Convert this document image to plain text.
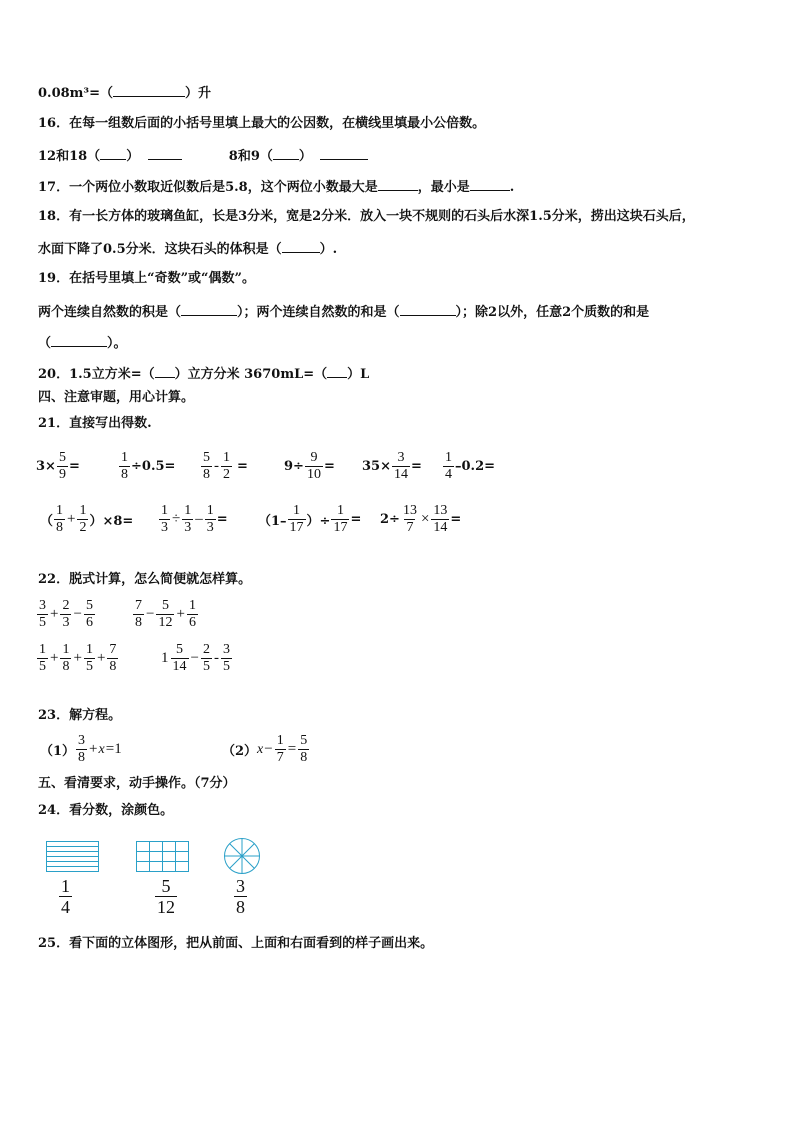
0.08m³=（	）升
16．在每一组数后面的小括号里填上最大的公因数，在横线里填最小公倍数。
12和18（ ）	8和9（ ）
17．一个两位小数取近似数后是5.8，这个两位小数最大是	，最小是	.
18．有一长方体的玻璃鱼缸，长是3分米，宽是2分米．放入一块不规则的石头后水深1.5分米，捞出这块石头后，
水面下降了0.5分米．这块石头的体积是（	）.
19．在括号里填上“奇数”或“偶数”。
两个连续自然数的积是（	）；两个连续自然数的和是（	）；除2以外，任意2个质数的和是
（	）。
20．1.5立方米=（ ）立方分米 3670mL=（ ）L
四、注意审题，用心计算。
21．直接写出得数.
$3\times \frac{5}{9}$ =	$\frac{1}{8} \div 0.5= \frac{5}{8} - \frac{1}{2}$ =	$9\div \frac{9}{10} = 35\times \frac{3}{14} = \frac{1}{4} -0.2=$
（ $\frac{1}{8} + \frac{1}{2} )\times 8= \frac{1}{3} \div \frac{1}{3} - \frac{1}{3} = (1- \frac{1}{17}$ ）÷ $\frac{1}{17} = 2\div \frac{13}{7} \times \frac{13}{14}$ =
22．脱式计算，怎么简便就怎样算。
$\frac{3}{5} + \frac{2}{3} - \frac{5}{6}$	$\frac{7}{8} - \frac{5}{12} + \frac{1}{6}$
$\frac{1}{5} + \frac{1}{8} + \frac{1}{5} + \frac{7}{8}$	$1 \frac{5}{14} - \frac{2}{5} - \frac{3}{5}$
23．解方程。
$(1) \frac{3}{8} + x =1$	（2） $x - \frac{1}{7} = \frac{5}{8}$
五、看清要求，动手操作。（7分）
24．看分数，涂颜色。
$\frac{1}{4}$	$\frac{5}{12}$	$\frac{3}{8}$
25．看下面的立体图形，把从前面、上面和右面看到的样子画出来。
